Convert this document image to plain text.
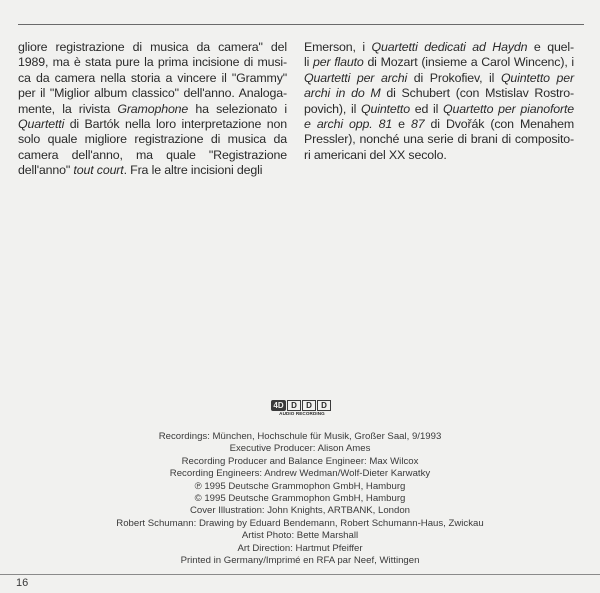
gliore registrazione di musica da camera" del
1989, ma è stata pure la prima incisione di musi-
ca da camera nella storia a vincere il "Grammy"
per il "Miglior album classico" dell'anno. Analoga-
mente, la rivista Gramophone ha selezionato i
Quartetti di Bartók nella loro interpretazione non
solo quale migliore registrazione di musica da
camera dell'anno, ma quale "Registrazione
dell'anno" tout court. Fra le altre incisioni degli
Emerson, i Quartetti dedicati ad Haydn e quel-
li per flauto di Mozart (insieme a Carol Wincenc), i
Quartetti per archi di Prokofiev, il Quintetto per
archi in do M di Schubert (con Mstislav Rostro-
povich), il Quintetto ed il Quartetto per pianoforte
e archi opp. 81 e 87 di Dvořák (con Menahem
Pressler), nonché una serie di brani di composito-
ri americani del XX secolo.
4D D	D	D
AUDIO RECORDING
Recordings: München, Hochschule für Musik, Großer Saal, 9/1993
Executive Producer: Alison Ames
Recording Producer and Balance Engineer: Max Wilcox
Recording Engineers: Andrew Wedman/Wolf-Dieter Karwatky
℗ 1995 Deutsche Grammophon GmbH, Hamburg
© 1995 Deutsche Grammophon GmbH, Hamburg
Cover Illustration: John Knights, ARTBANK, London
Robert Schumann: Drawing by Eduard Bendemann, Robert Schumann-Haus, Zwickau
Artist Photo: Bette Marshall
Art Direction: Hartmut Pfeiffer
Printed in Germany/Imprimé en RFA par Neef, Wittingen
16
